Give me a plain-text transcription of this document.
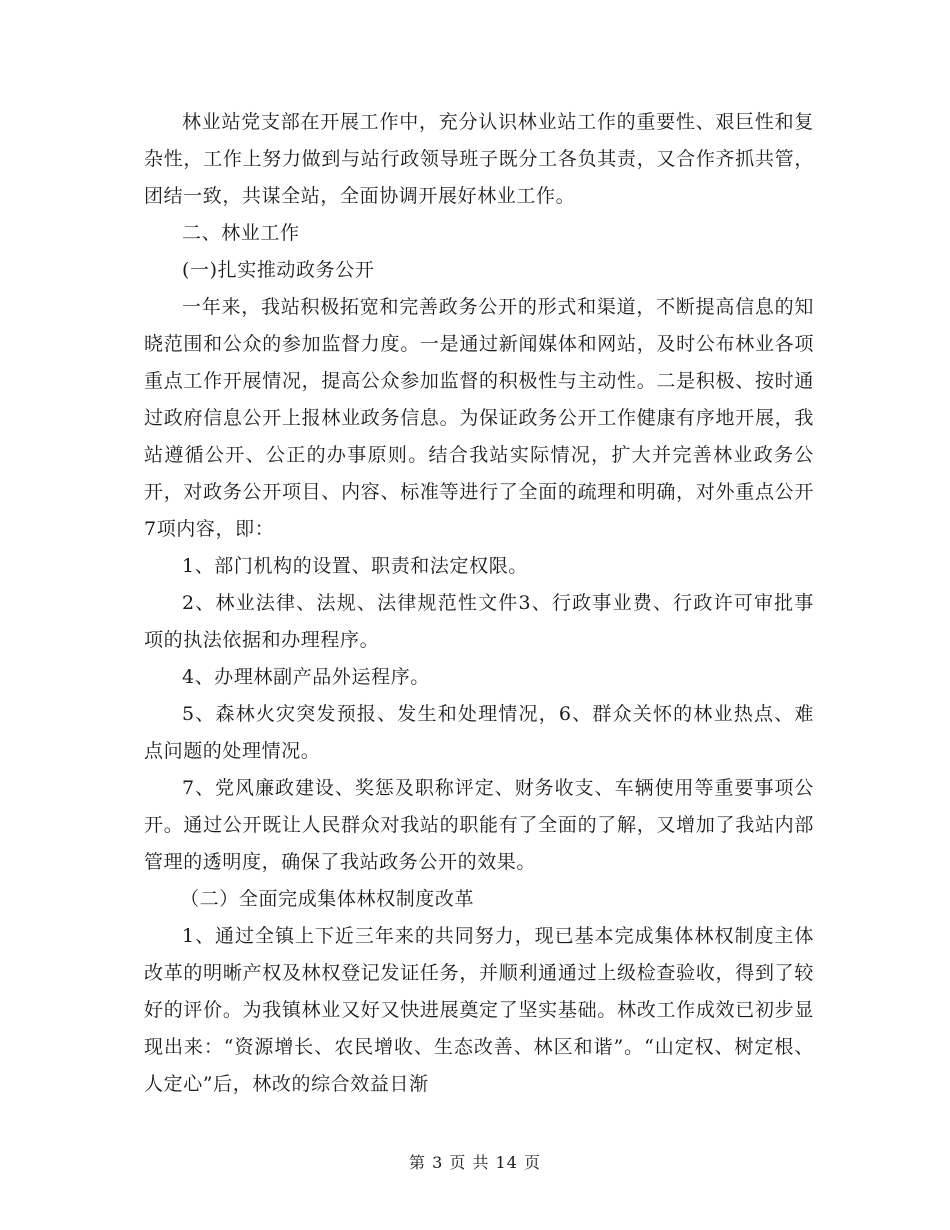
林业站党支部在开展工作中，充分认识林业站工作的重要性、艰巨性和复杂性，工作上努力做到与站行政领导班子既分工各负其责，又合作齐抓共管，团结一致，共谋全站，全面协调开展好林业工作。

二、林业工作

(一)扎实推动政务公开

一年来，我站积极拓宽和完善政务公开的形式和渠道，不断提高信息的知晓范围和公众的参加监督力度。一是通过新闻媒体和网站，及时公布林业各项重点工作开展情况，提高公众参加监督的积极性与主动性。二是积极、按时通过政府信息公开上报林业政务信息。为保证政务公开工作健康有序地开展，我站遵循公开、公正的办事原则。结合我站实际情况，扩大并完善林业政务公开，对政务公开项目、内容、标准等进行了全面的疏理和明确，对外重点公开7项内容，即：

1、部门机构的设置、职责和法定权限。

2、林业法律、法规、法律规范性文件3、行政事业费、行政许可审批事项的执法依据和办理程序。

4、办理林副产品外运程序。

5、森林火灾突发预报、发生和处理情况，6、群众关怀的林业热点、难点问题的处理情况。

7、党风廉政建设、奖惩及职称评定、财务收支、车辆使用等重要事项公开。通过公开既让人民群众对我站的职能有了全面的了解，又增加了我站内部管理的透明度，确保了我站政务公开的效果。

（二）全面完成集体林权制度改革

1、通过全镇上下近三年来的共同努力，现已基本完成集体林权制度主体改革的明晰产权及林权登记发证任务，并顺利通通过上级检查验收，得到了较好的评价。为我镇林业又好又快进展奠定了坚实基础。林改工作成效已初步显现出来：“资源增长、农民增收、生态改善、林区和谐”。“山定权、树定根、人定心”后，林改的综合效益日渐

第 3 页 共 14 页
